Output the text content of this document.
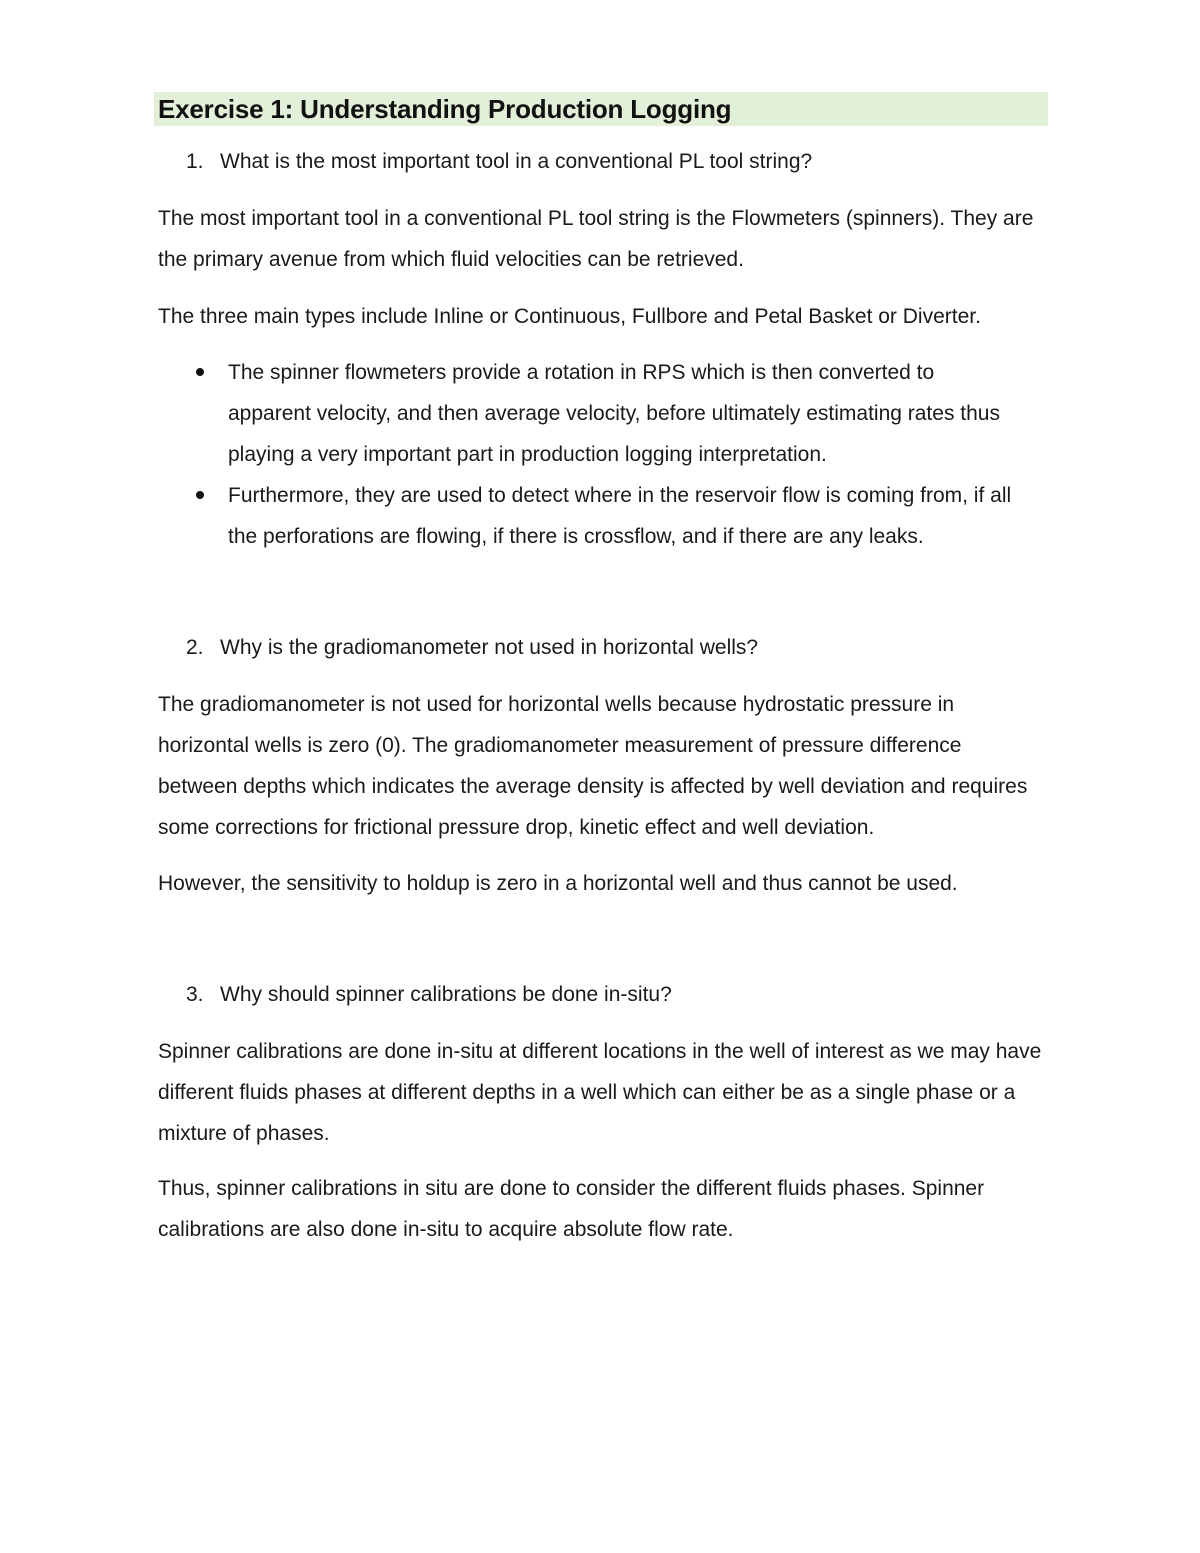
Exercise 1: Understanding Production Logging

1. What is the most important tool in a conventional PL tool string?

The most important tool in a conventional PL tool string is the Flowmeters (spinners). They are the primary avenue from which fluid velocities can be retrieved.

The three main types include Inline or Continuous, Fullbore and Petal Basket or Diverter.

The spinner flowmeters provide a rotation in RPS which is then converted to apparent velocity, and then average velocity, before ultimately estimating rates thus playing a very important part in production logging interpretation.
Furthermore, they are used to detect where in the reservoir flow is coming from, if all the perforations are flowing, if there is crossflow, and if there are any leaks.

2. Why is the gradiomanometer not used in horizontal wells?

The gradiomanometer is not used for horizontal wells because hydrostatic pressure in horizontal wells is zero (0). The gradiomanometer measurement of pressure difference between depths which indicates the average density is affected by well deviation and requires some corrections for frictional pressure drop, kinetic effect and well deviation.

However, the sensitivity to holdup is zero in a horizontal well and thus cannot be used.

3. Why should spinner calibrations be done in-situ?

Spinner calibrations are done in-situ at different locations in the well of interest as we may have different fluids phases at different depths in a well which can either be as a single phase or a mixture of phases.

Thus, spinner calibrations in situ are done to consider the different fluids phases. Spinner calibrations are also done in-situ to acquire absolute flow rate.
